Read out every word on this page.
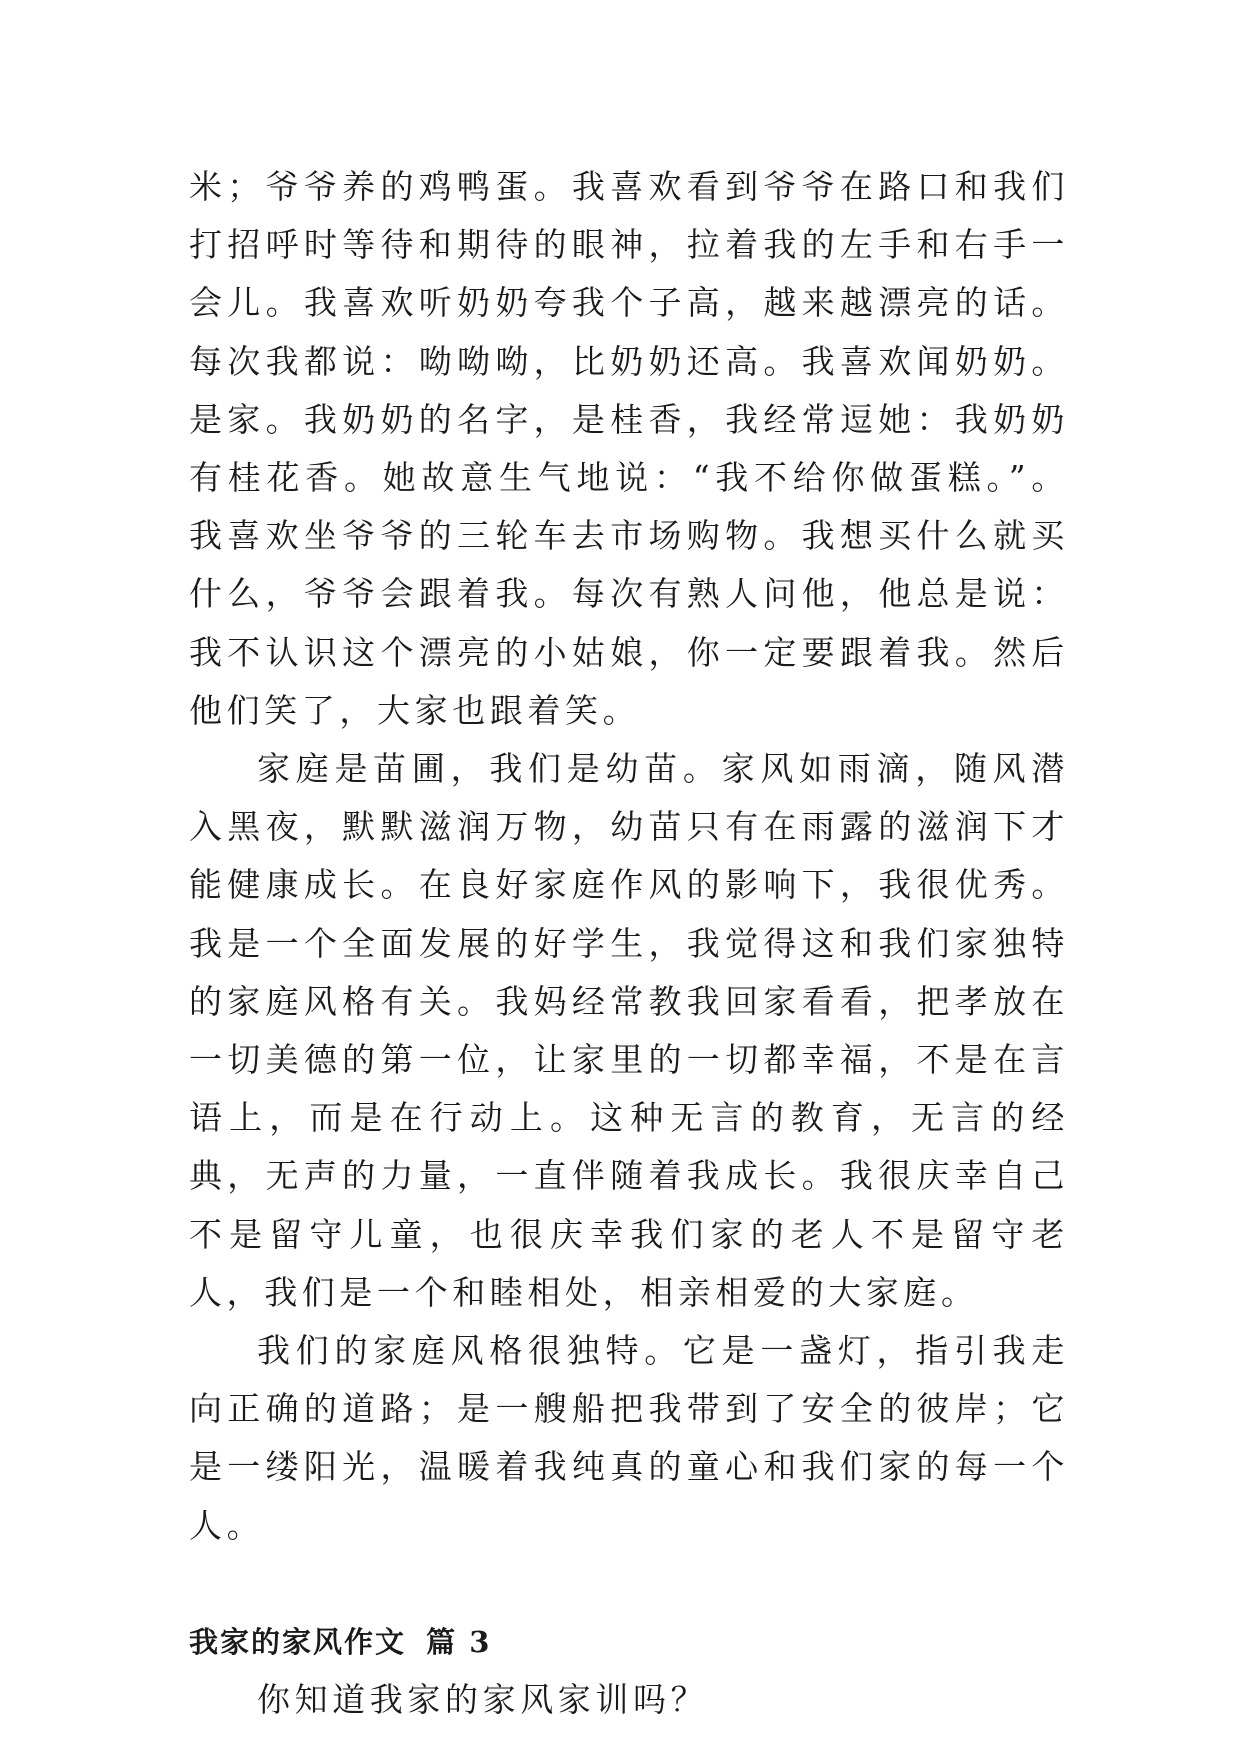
米；爷爷养的鸡鸭蛋。我喜欢看到爷爷在路口和我们打招呼时等待和期待的眼神，拉着我的左手和右手一会儿。我喜欢听奶奶夸我个子高，越来越漂亮的话。每次我都说：呦呦呦，比奶奶还高。我喜欢闻奶奶。是家。我奶奶的名字，是桂香，我经常逗她：我奶奶有桂花香。她故意生气地说：“我不给你做蛋糕。”。我喜欢坐爷爷的三轮车去市场购物。我想买什么就买什么，爷爷会跟着我。每次有熟人问他，他总是说：我不认识这个漂亮的小姑娘，你一定要跟着我。然后他们笑了，大家也跟着笑。

家庭是苗圃，我们是幼苗。家风如雨滴，随风潜入黑夜，默默滋润万物，幼苗只有在雨露的滋润下才能健康成长。在良好家庭作风的影响下，我很优秀。我是一个全面发展的好学生，我觉得这和我们家独特的家庭风格有关。我妈经常教我回家看看，把孝放在一切美德的第一位，让家里的一切都幸福，不是在言语上，而是在行动上。这种无言的教育，无言的经典，无声的力量，一直伴随着我成长。我很庆幸自己不是留守儿童，也很庆幸我们家的老人不是留守老人，我们是一个和睦相处，相亲相爱的大家庭。

我们的家庭风格很独特。它是一盏灯，指引我走向正确的道路；是一艘船把我带到了安全的彼岸；它是一缕阳光，温暖着我纯真的童心和我们家的每一个人。

我家的家风作文 篇 3

你知道我家的家风家训吗？
